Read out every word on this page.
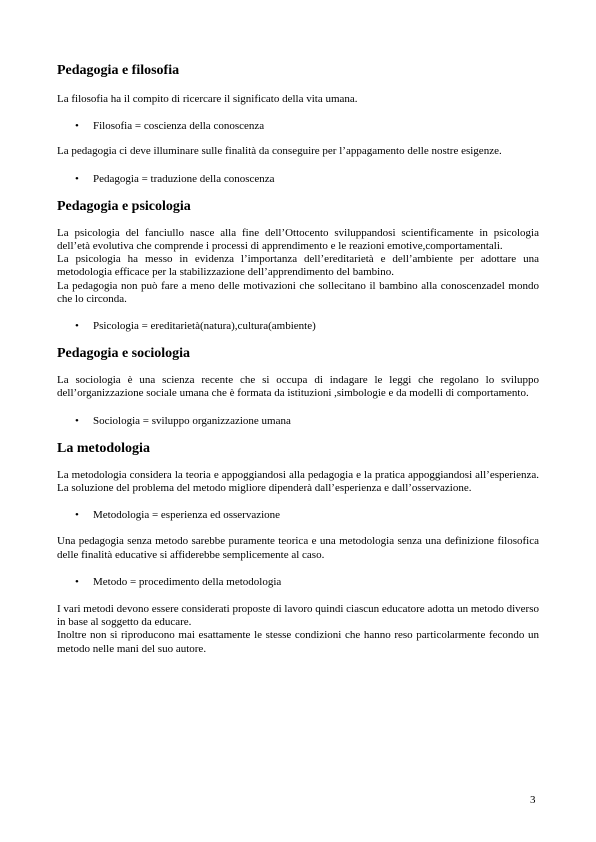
Pedagogia e filosofia

La filosofia ha il compito di ricercare il significato della vita umana.

• Filosofia = coscienza della conoscenza

La pedagogia ci deve illuminare sulle finalità da conseguire per l’appagamento delle nostre esigenze.

• Pedagogia = traduzione della conoscenza
Pedagogia e psicologia

La psicologia del fanciullo nasce alla fine dell’Ottocento sviluppandosi scientificamente in psicologia dell’età evolutiva che comprende i processi di apprendimento e le reazioni emotive,comportamentali.

La psicologia ha messo in evidenza l’importanza dell’ereditarietà e dell’ambiente per adottare una metodologia efficace per la stabilizzazione dell’apprendimento del bambino.

La pedagogia non può fare a meno delle motivazioni che sollecitano il bambino alla conoscenzadel mondo che lo circonda.

• Psicologia = ereditarietà(natura),cultura(ambiente)
Pedagogia e sociologia

La sociologia è una scienza recente che si occupa di indagare le leggi che regolano lo sviluppo dell’organizzazione sociale umana che è formata da istituzioni ,simbologie e da modelli di comportamento.

• Sociologia = sviluppo organizzazione umana
La metodologia

La metodologia considera la teoria e appoggiandosi alla pedagogia e la pratica appoggiandosi all’esperienza. La soluzione del problema del metodo migliore dipenderà dall’esperienza e dall’osservazione.

• Metodologia = esperienza ed osservazione

Una pedagogia senza metodo sarebbe puramente teorica e una metodologia senza una definizione filosofica delle finalità educative si affiderebbe semplicemente al caso.

• Metodo = procedimento della metodologia

I vari metodi devono essere considerati proposte di lavoro quindi ciascun educatore adotta un metodo diverso in base al soggetto da educare.

Inoltre non si riproducono mai esattamente le stesse condizioni che hanno reso particolarmente fecondo un metodo nelle mani del suo autore.

3
